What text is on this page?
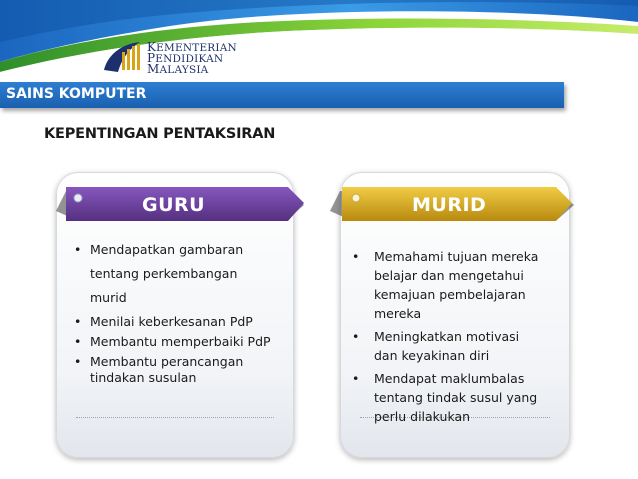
KEMENTERIAN
PENDIDIKAN
MALAYSIA
SAINS KOMPUTER
KEPENTINGAN PENTAKSIRAN
GURU
• Mendapatkan gambaran
tentang perkembangan
murid
• Menilai keberkesanan PdP
• Membantu memperbaiki PdP
• Membantu perancangan
tindakan susulan
MURID
• Memahami tujuan mereka
belajar dan mengetahui
kemajuan pembelajaran
mereka
• Meningkatkan motivasi
dan keyakinan diri
• Mendapat maklumbalas
tentang tindak susul yang
perlu dilakukan
